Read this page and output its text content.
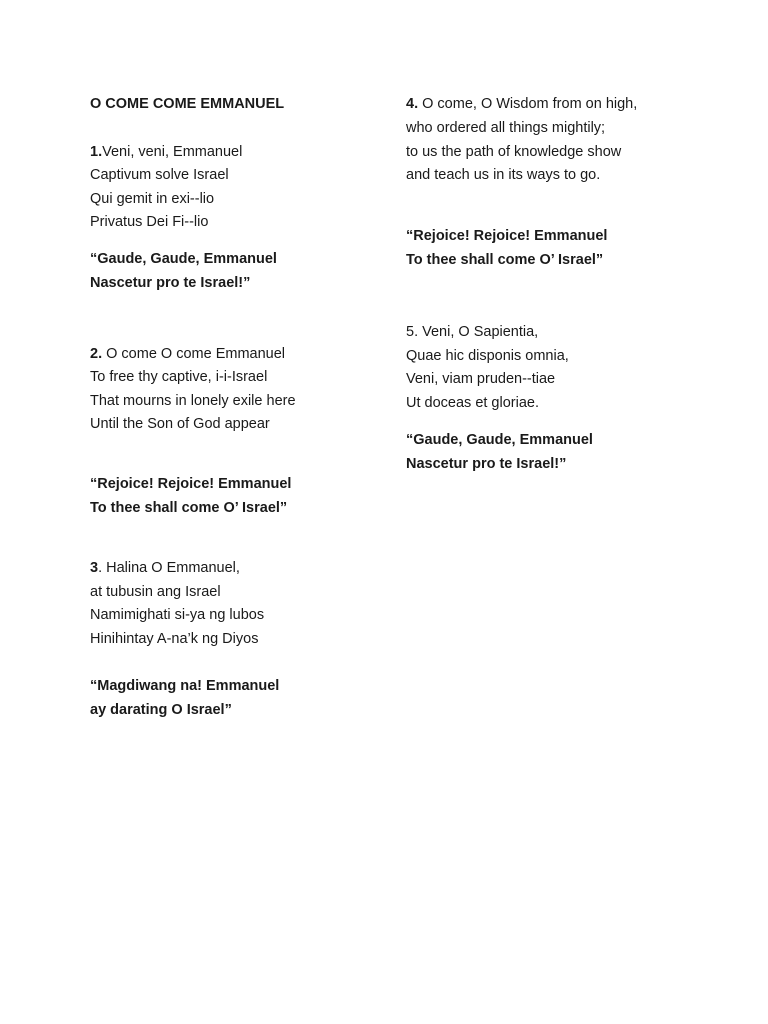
O COME COME EMMANUEL
1.Veni, veni, Emmanuel
Captivum solve Israel
Qui gemit in exi--lio
Privatus Dei Fi--lio
“Gaude, Gaude, Emmanuel
Nascetur pro te Israel!”
2. O come O come Emmanuel
To free thy captive, i-i-Israel
That mourns in lonely exile here
Until the Son of God appear
“Rejoice! Rejoice! Emmanuel
To thee shall come O’ Israel”
3. Halina O Emmanuel,
at tubusin ang Israel
Namimighati si-ya ng lubos
Hinihintay A-na’k ng Diyos
“Magdiwang na! Emmanuel
ay darating O Israel”
4. O come, O Wisdom from on high,
who ordered all things mightily;
to us the path of knowledge show
and teach us in its ways to go.
“Rejoice! Rejoice! Emmanuel
To thee shall come O’ Israel”
5. Veni, O Sapientia,
Quae hic disponis omnia,
Veni, viam pruden--tiae
Ut doceas et gloriae.
“Gaude, Gaude, Emmanuel
Nascetur pro te Israel!”
